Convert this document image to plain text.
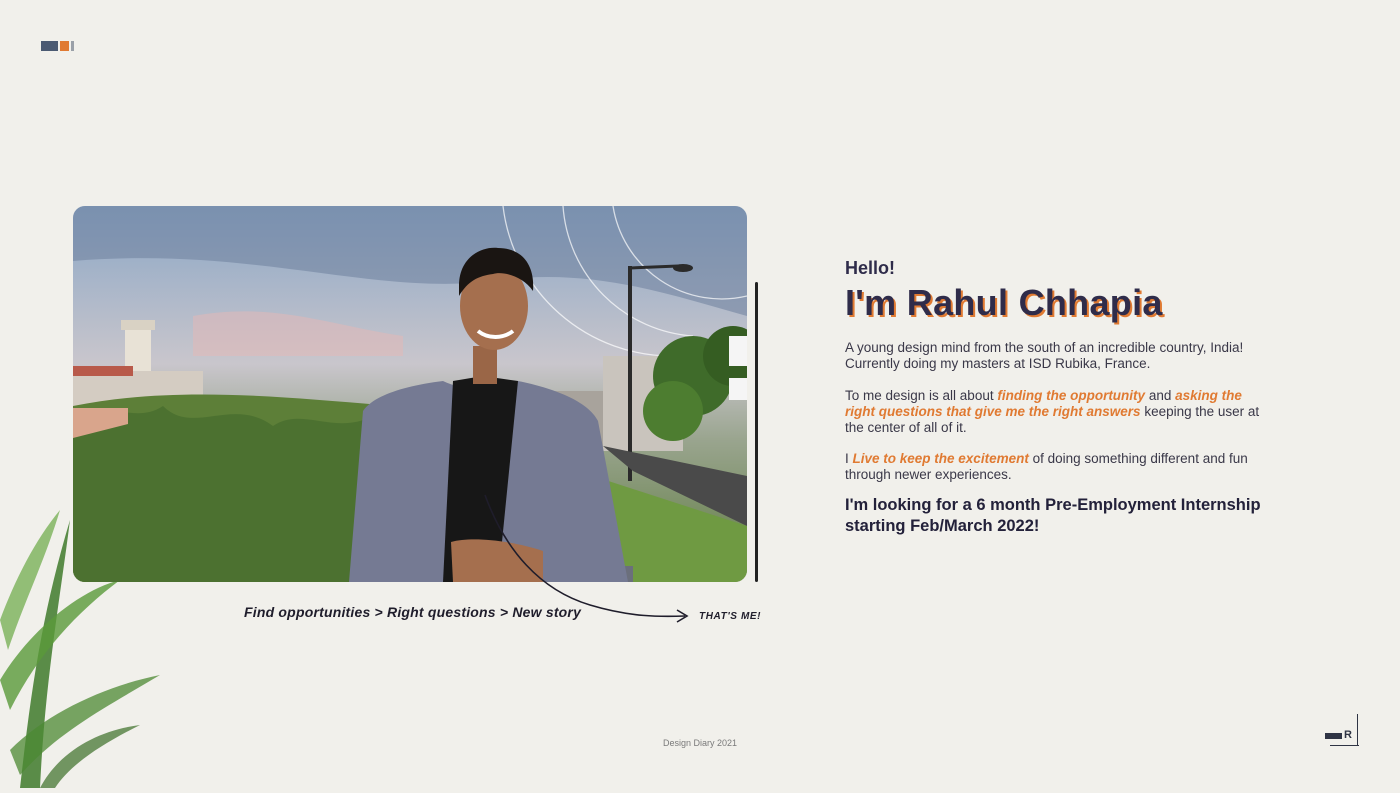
Find opportunities > Right questions > New story	THAT'S ME!
Hello!
I'm Rahul Chhapia
A young design mind from the south of an incredible country, India! Currently doing my masters at ISD Rubika, France.
To me design is all about finding the opportunity and asking the right questions that give me the right answers keeping the user at the center of all of it.
I Live to keep the excitement of doing something different and fun through newer experiences.
I'm looking for a 6 month Pre-Employment Internship starting Feb/March 2022!
Design Diary 2021
R
